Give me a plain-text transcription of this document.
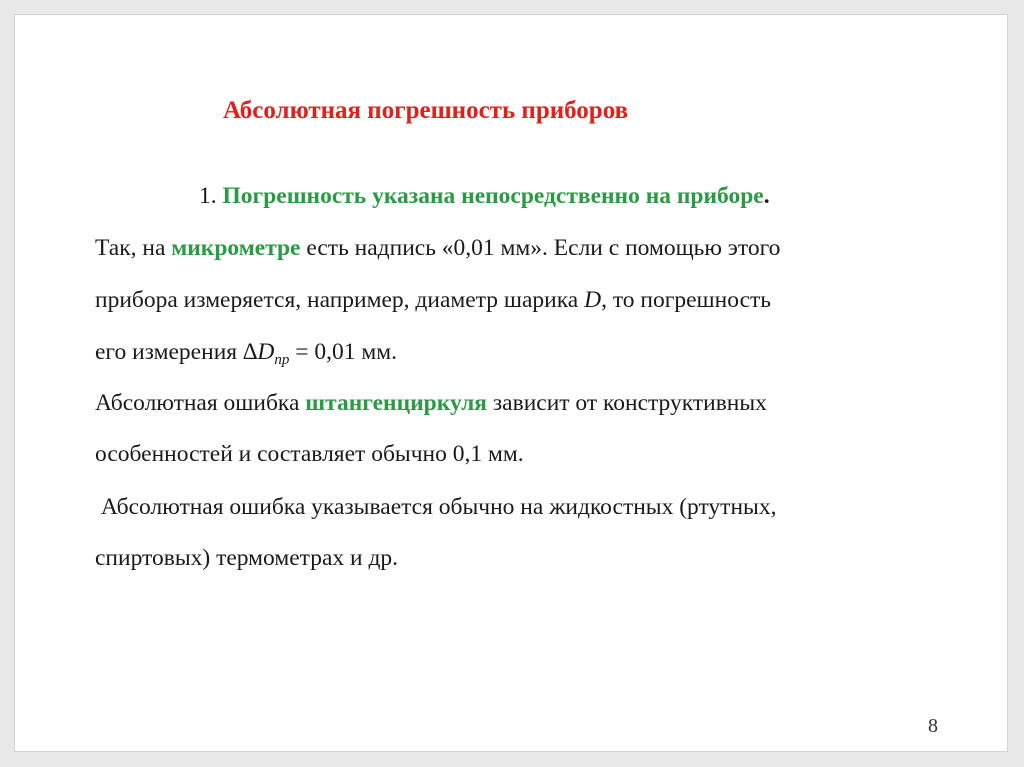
Абсолютная погрешность приборов
1. Погрешность указана непосредственно на приборе.
Так, на микрометре есть надпись «0,01 мм». Если с помощью этого
прибора измеряется, например, диаметр шарика D, то погрешность
его измерения $\Delta D_{пр} = 0,01$ мм.
Абсолютная ошибка штангенциркуля зависит от конструктивных
особенностей и составляет обычно 0,1 мм.
Абсолютная ошибка указывается обычно на жидкостных (ртутных,
спиртовых) термометрах и др.
8
